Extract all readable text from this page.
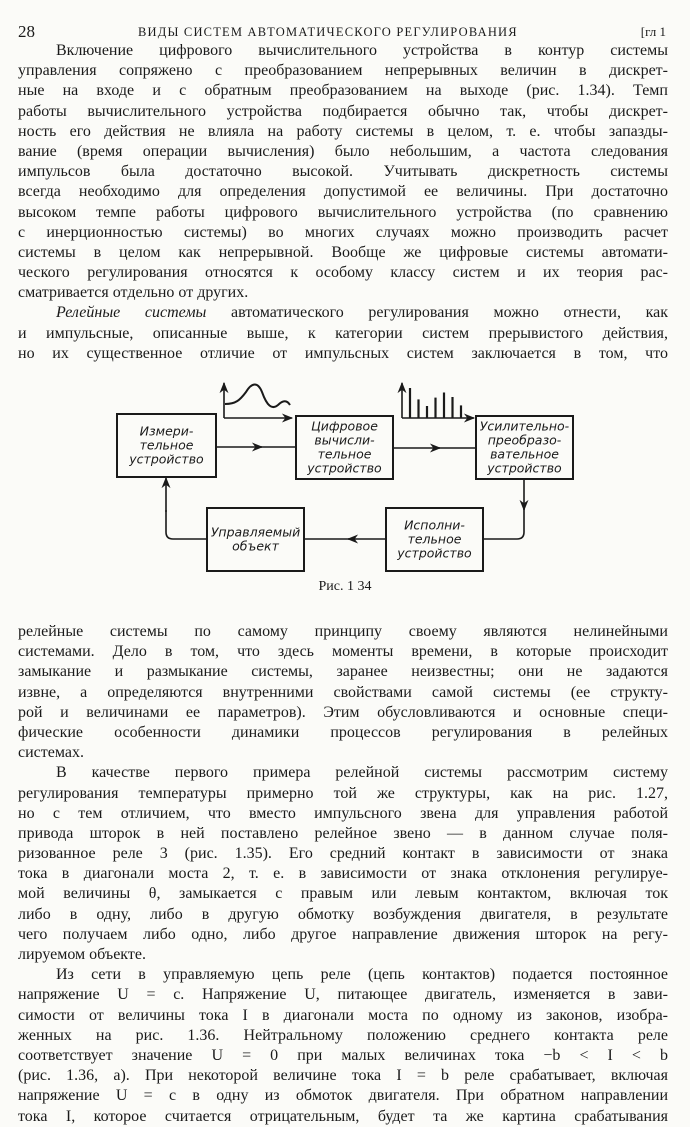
28	ВИДЫ СИСТЕМ АВТОМАТИЧЕСКОГО РЕГУЛИРОВАНИЯ	[гл 1
Включение цифрового вычислительного устройства в контур системы
управления сопряжено с преобразованием непрерывных величин в дискрет-
ные на входе и с обратным преобразованием на выходе (рис. 1.34). Темп
работы вычислительного устройства подбирается обычно так, чтобы дискрет-
ность его действия не влияла на работу системы в целом, т. е. чтобы запазды-
вание (время операции вычисления) было небольшим, а частота следования
импульсов была достаточно высокой. Учитывать дискретность системы
всегда необходимо для определения допустимой ее величины. При достаточно
высоком темпе работы цифрового вычислительного устройства (по сравнению
с инерционностью системы) во многих случаях можно производить расчет
системы в целом как непрерывной. Вообще же цифровые системы автомати-
ческого регулирования относятся к особому классу систем и их теория рас-
сматривается отдельно от других.
Релейные системы автоматического регулирования можно отнести, как
и импульсные, описанные выше, к категории систем прерывистого действия,
но их существенное отличие от импульсных систем заключается в том, что
Измери-
тельное
устройство
Цифровое
вычисли-
тельное
устройство
Усилительно-
преобразо-
вательное
устройство
Исполни-
тельное
устройство
Управляемый
объект
Рис. 1 34
релейные системы по самому принципу своему являются нелинейными
системами. Дело в том, что здесь моменты времени, в которые происходит
замыкание и размыкание системы, заранее неизвестны; они не задаются
извне, а определяются внутренними свойствами самой системы (ее структу-
рой и величинами ее параметров). Этим обусловливаются и основные специ-
фические особенности динамики процессов регулирования в релейных
системах.
В качестве первого примера релейной системы рассмотрим систему
регулирования температуры примерно той же структуры, как на рис. 1.27,
но с тем отличием, что вместо импульсного звена для управления работой
привода шторок в ней поставлено релейное звено — в данном случае поля-
ризованное реле 3 (рис. 1.35). Его средний контакт в зависимости от знака
тока в диагонали моста 2, т. е. в зависимости от знака отклонения регулируе-
мой величины θ, замыкается с правым или левым контактом, включая ток
либо в одну, либо в другую обмотку возбуждения двигателя, в результате
чего получаем либо одно, либо другое направление движения шторок на регу-
лируемом объекте.
Из сети в управляемую цепь реле (цепь контактов) подается постоянное
напряжение U = c. Напряжение U, питающее двигатель, изменяется в зави-
симости от величины тока I в диагонали моста по одному из законов, изобра-
женных на рис. 1.36. Нейтральному положению среднего контакта реле
соответствует значение U = 0 при малых величинах тока −b < I < b
(рис. 1.36, a). При некоторой величине тока I = b реле срабатывает, включая
напряжение U = c в одну из обмоток двигателя. При обратном направлении
тока I, которое считается отрицательным, будет та же картина срабатывания
